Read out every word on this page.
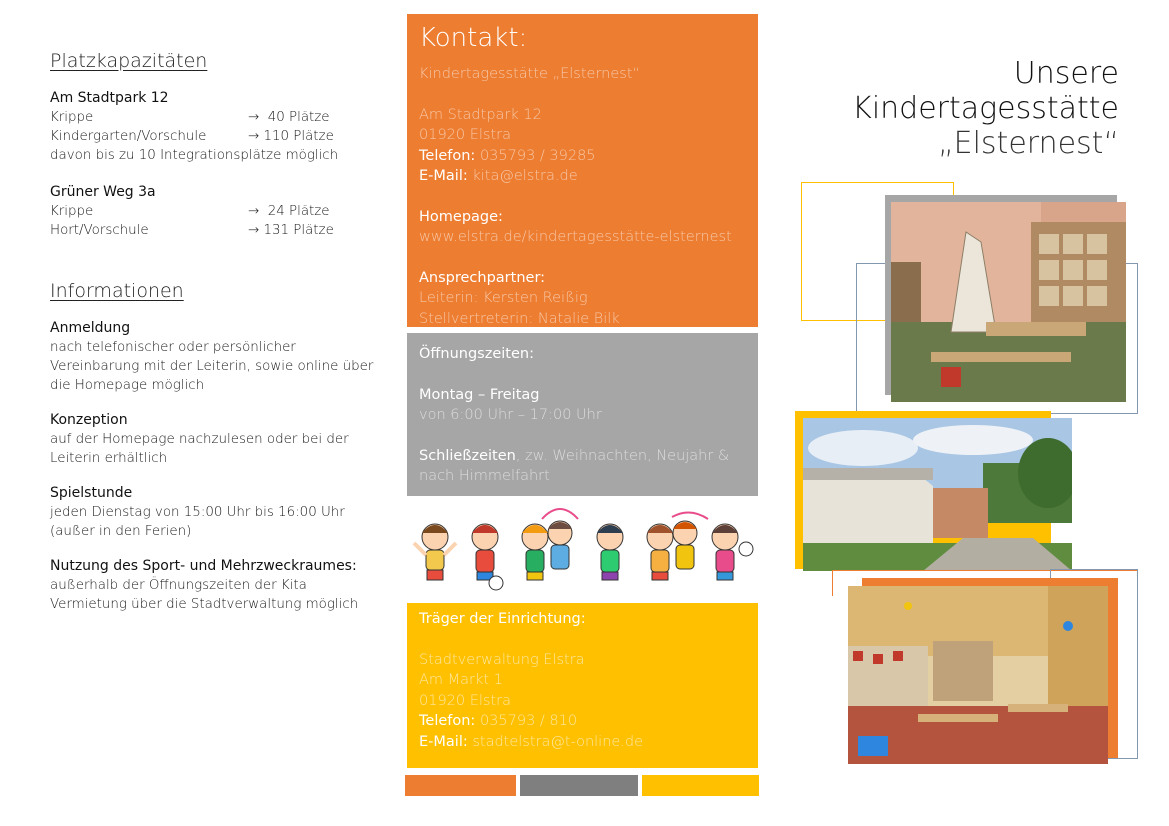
Platzkapazitäten
Am Stadtpark 12
Krippe	→  40 Plätze
Kindergarten/Vorschule	→ 110 Plätze
davon bis zu 10 Integrationsplätze möglich
Grüner Weg 3a
Krippe	→  24 Plätze
Hort/Vorschule	→ 131 Plätze
Informationen
Anmeldung
nach telefonischer oder persönlicher Vereinbarung mit der Leiterin, sowie online über die Homepage möglich
Konzeption
auf der Homepage nachzulesen oder bei der Leiterin erhältlich
Spielstunde
jeden Dienstag von 15:00 Uhr bis 16:00 Uhr (außer in den Ferien)
Nutzung des Sport- und Mehrzweckraumes:
außerhalb der Öffnungszeiten der Kita Vermietung über die Stadtverwaltung möglich
Kontakt:
Kindertagesstätte „Elsternest“
Am Stadtpark 12
01920 Elstra
Telefon: 035793 / 39285
E-Mail: kita@elstra.de
Homepage:
www.elstra.de/kindertagesstätte-elsternest
Ansprechpartner:
Leiterin: Kersten Reißig
Stellvertreterin: Natalie Bilk
Öffnungszeiten:
Montag – Freitag
von 6:00 Uhr – 17:00 Uhr
Schließzeiten, zw. Weihnachten, Neujahr & nach Himmelfahrt
Träger der Einrichtung:
Stadtverwaltung Elstra
Am Markt 1
01920 Elstra
Telefon: 035793 / 810
E-Mail: stadtelstra@t-online.de
Unsere
Kindertagesstätte
„Elsternest“
